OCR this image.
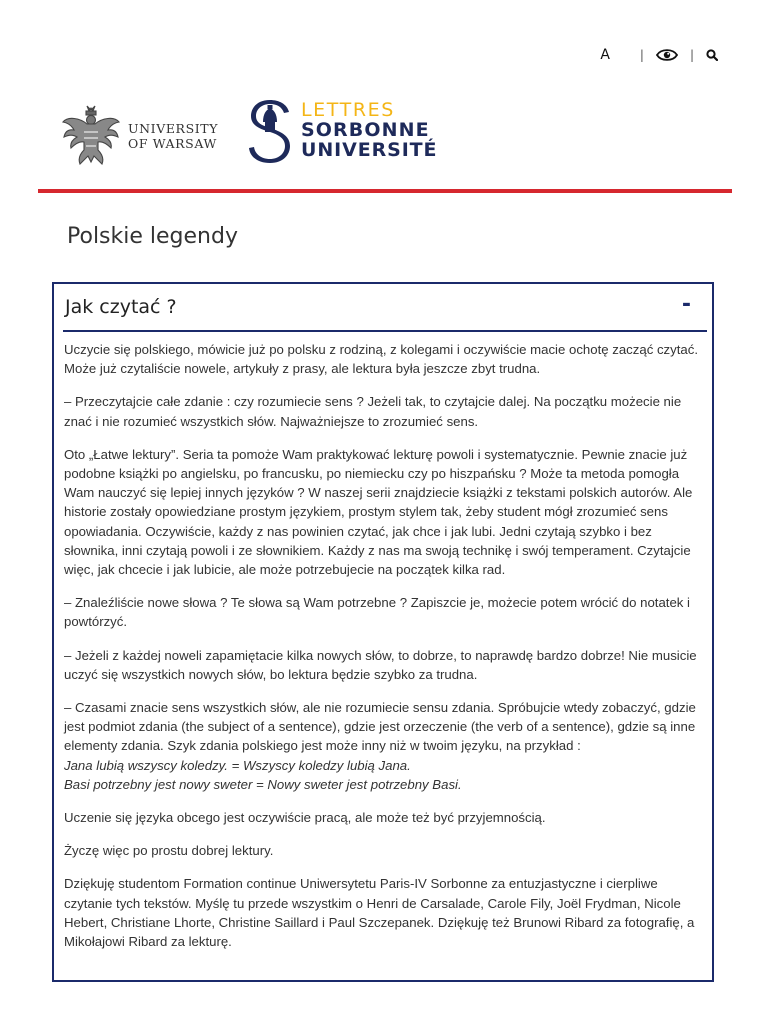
A	|	|
UNIVERSITY
OF WARSAW
LETTRES
SORBONNE
UNIVERSITÉ
Polskie legendy
Jak czytać ?	-

Uczycie się polskiego, mówicie już po polsku z rodziną, z kolegami i oczywiście macie ochotę zacząć czytać. Może już czytaliście nowele, artykuły z prasy, ale lektura była jeszcze zbyt trudna.

– Przeczytajcie całe zdanie : czy rozumiecie sens ? Jeżeli tak, to czytajcie dalej. Na początku możecie nie znać i nie rozumieć wszystkich słów. Najważniejsze to zrozumieć sens.

Oto „Łatwe lektury”. Seria ta pomoże Wam praktykować lekturę powoli i systematycznie. Pewnie znacie już podobne książki po angielsku, po francusku, po niemiecku czy po hiszpańsku ? Może ta metoda pomogła Wam nauczyć się lepiej innych języków ? W naszej serii znajdziecie książki z tekstami polskich autorów. Ale historie zostały opowiedziane prostym językiem, prostym stylem tak, żeby student mógł zrozumieć sens opowiadania. Oczywiście, każdy z nas powinien czytać, jak chce i jak lubi. Jedni czytają szybko i bez słownika, inni czytają powoli i ze słownikiem. Każdy z nas ma swoją technikę i swój temperament. Czytajcie więc, jak chcecie i jak lubicie, ale może potrzebujecie na początek kilka rad.

– Znaleźliście nowe słowa ? Te słowa są Wam potrzebne ? Zapiszcie je, możecie potem wrócić do notatek i powtórzyć.

– Jeżeli z każdej noweli zapamiętacie kilka nowych słów, to dobrze, to naprawdę bardzo dobrze! Nie musicie uczyć się wszystkich nowych słów, bo lektura będzie szybko za trudna.

– Czasami znacie sens wszystkich słów, ale nie rozumiecie sensu zdania. Spróbujcie wtedy zobaczyć, gdzie jest podmiot zdania (the subject of a sentence), gdzie jest orzeczenie (the verb of a sentence), gdzie są inne elementy zdania. Szyk zdania polskiego jest może inny niż w twoim języku, na przykład :
Jana lubią wszyscy koledzy. = Wszyscy koledzy lubią Jana.
Basi potrzebny jest nowy sweter = Nowy sweter jest potrzebny Basi.

Uczenie się języka obcego jest oczywiście pracą, ale może też być przyjemnością.

Życzę więc po prostu dobrej lektury.

Dziękuję studentom Formation continue Uniwersytetu Paris-IV Sorbonne za entuzjastyczne i cierpliwe czytanie tych tekstów. Myślę tu przede wszystkim o Henri de Carsalade, Carole Fily, Joël Frydman, Nicole Hebert, Christiane Lhorte, Christine Saillard i Paul Szczepanek. Dziękuję też Brunowi Ribard za fotografię, a Mikołajowi Ribard za lekturę.
